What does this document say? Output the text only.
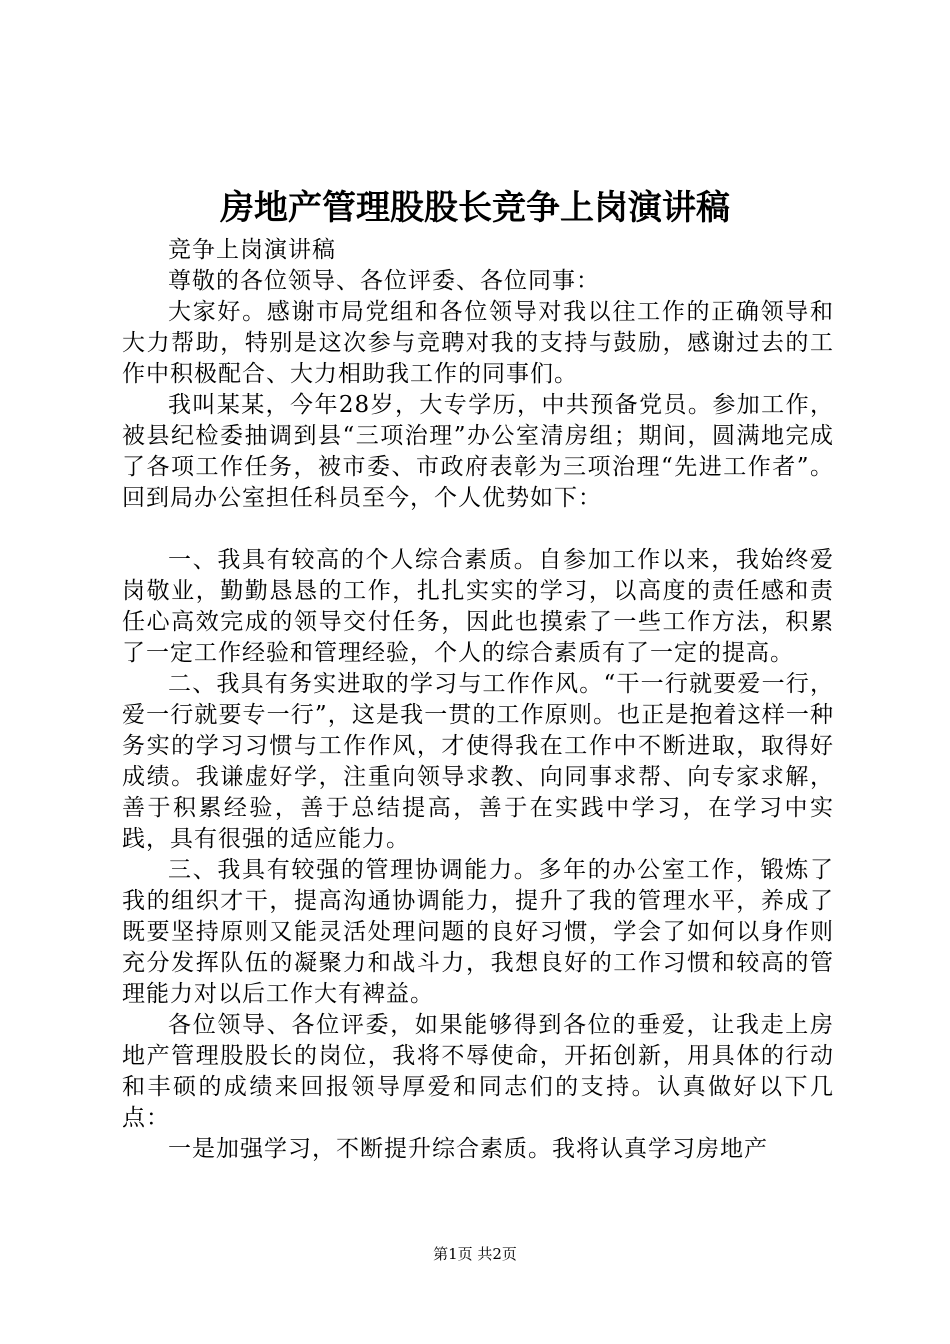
房地产管理股股长竞争上岗演讲稿

竞争上岗演讲稿

尊敬的各位领导、各位评委、各位同事：

大家好。感谢市局党组和各位领导对我以往工作的正确领导和大力帮助，特别是这次参与竞聘对我的支持与鼓励，感谢过去的工作中积极配合、大力相助我工作的同事们。

我叫某某，今年28岁，大专学历，中共预备党员。参加工作，被县纪检委抽调到县“三项治理”办公室清房组；期间，圆满地完成了各项工作任务，被市委、市政府表彰为三项治理“先进工作者”。回到局办公室担任科员至今，个人优势如下：

一、我具有较高的个人综合素质。自参加工作以来，我始终爱岗敬业，勤勤恳恳的工作，扎扎实实的学习，以高度的责任感和责任心高效完成的领导交付任务，因此也摸索了一些工作方法，积累了一定工作经验和管理经验，个人的综合素质有了一定的提高。

二、我具有务实进取的学习与工作作风。“干一行就要爱一行，爱一行就要专一行”，这是我一贯的工作原则。也正是抱着这样一种务实的学习习惯与工作作风，才使得我在工作中不断进取，取得好成绩。我谦虚好学，注重向领导求教、向同事求帮、向专家求解，善于积累经验，善于总结提高，善于在实践中学习，在学习中实践，具有很强的适应能力。

三、我具有较强的管理协调能力。多年的办公室工作，锻炼了我的组织才干，提高沟通协调能力，提升了我的管理水平，养成了既要坚持原则又能灵活处理问题的良好习惯，学会了如何以身作则充分发挥队伍的凝聚力和战斗力，我想良好的工作习惯和较高的管理能力对以后工作大有裨益。

各位领导、各位评委，如果能够得到各位的垂爱，让我走上房地产管理股股长的岗位，我将不辱使命，开拓创新，用具体的行动和丰硕的成绩来回报领导厚爱和同志们的支持。认真做好以下几点：

一是加强学习，不断提升综合素质。我将认真学习房地产

第1页 共2页
